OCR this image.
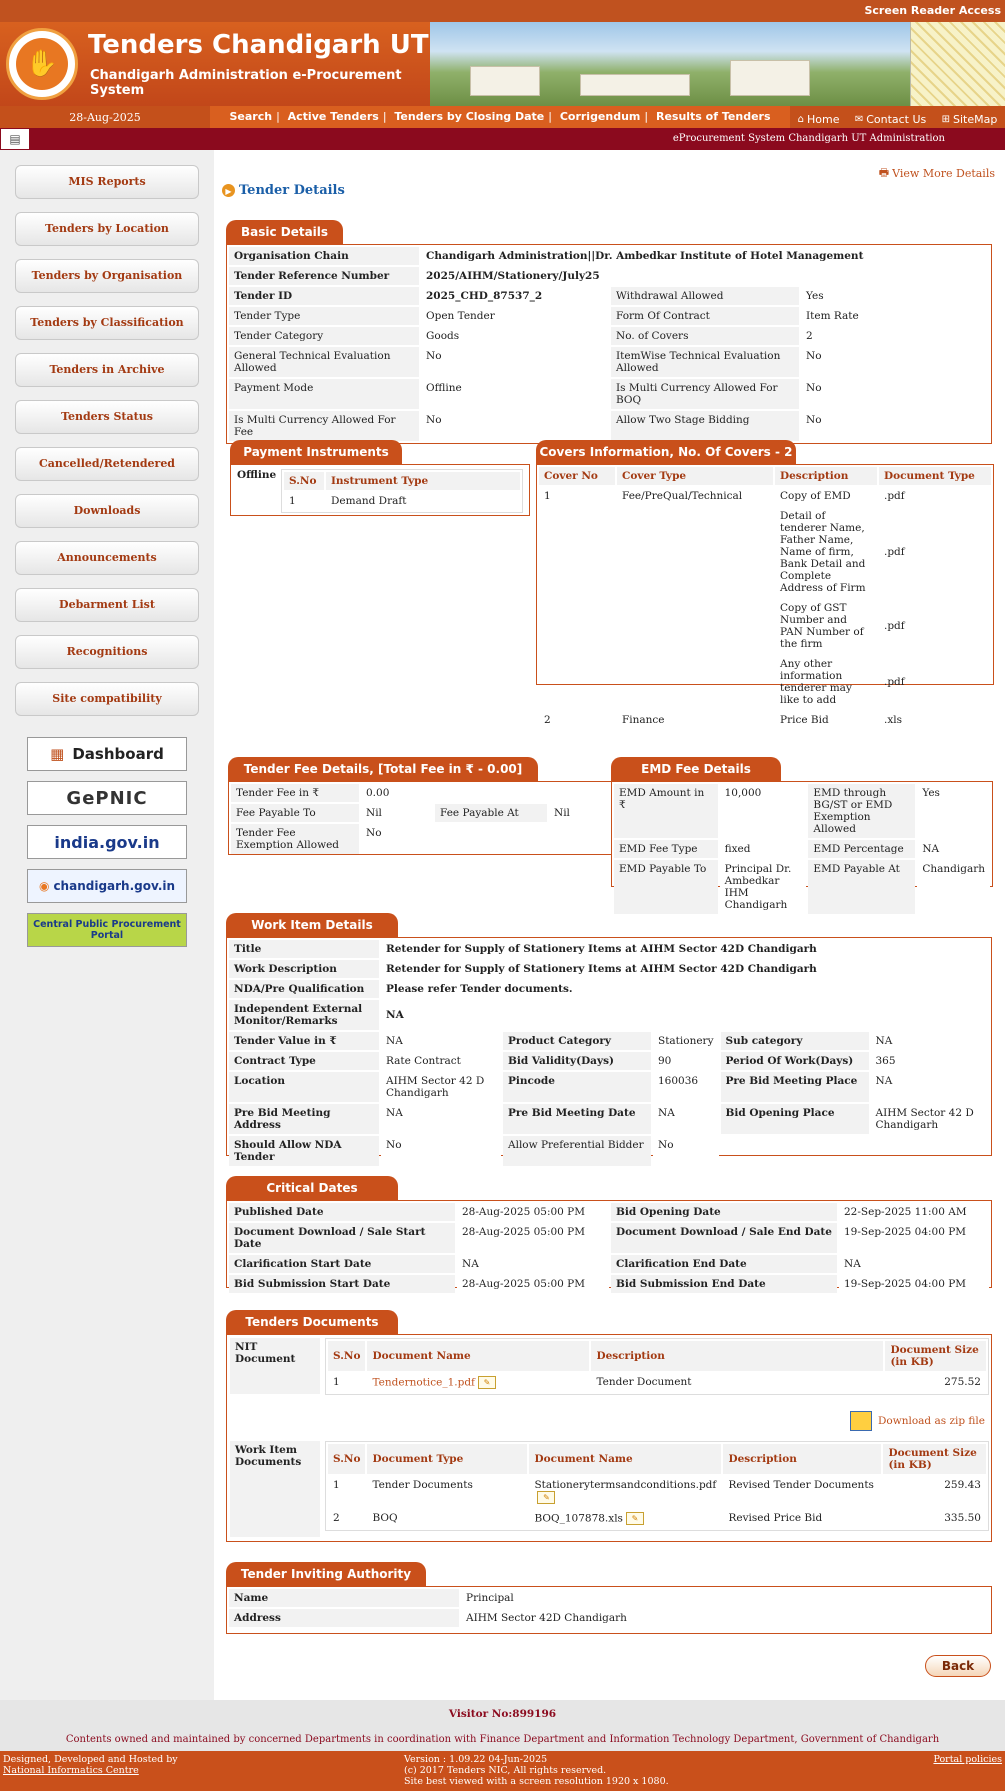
Screen Reader Access
✋
Tenders Chandigarh UT
Chandigarh Administration e-Procurement System
28-Aug-2025	Search | Active Tenders | Tenders by Closing Date | Corrigendum | Results of Tenders	⌂ Home ✉ Contact Us ⊞ SiteMap
▤	eProcurement System Chandigarh UT Administration
MIS Reports
Tenders by Location
Tenders by Organisation
Tenders by Classification
Tenders in Archive
Tenders Status
Cancelled/Retendered
Downloads
Announcements
Debarment List
Recognitions
Site compatibility
▦ Dashboard
GePNIC
india.gov.in
◉ chandigarh.gov.in
Central Public Procurement Portal
🖶 View More Details
▶ Tender Details
Basic Details
Organisation Chain	Chandigarh Administration||Dr. Ambedkar Institute of Hotel Management		
Tender Reference Number	2025/AIHM/Stationery/July25		
Tender ID	2025_CHD_87537_2	Withdrawal Allowed	Yes
Tender Type	Open Tender	Form Of Contract	Item Rate
Tender Category	Goods	No. of Covers	2
General Technical Evaluation Allowed	No	ItemWise Technical Evaluation Allowed	No
Payment Mode	Offline	Is Multi Currency Allowed For BOQ	No
Is Multi Currency Allowed For Fee	No	Allow Two Stage Bidding	No
Payment Instruments
Offline S.No	Instrument Type
1	Demand Draft
Covers Information, No. Of Covers - 2
Cover No	Cover Type	Description	Document Type
1	Fee/PreQual/Technical	Copy of EMD	.pdf
		Detail of tenderer Name, Father Name, Name of firm, Bank Detail and Complete Address of Firm	.pdf
		Copy of GST Number and PAN Number of the firm	.pdf
		Any other information tenderer may like to add	.pdf
2	Finance	Price Bid	.xls
Tender Fee Details, [Total Fee in ₹ - 0.00]
Tender Fee in ₹	0.00		
Fee Payable To	Nil	Fee Payable At	Nil
Tender Fee Exemption Allowed	No		
EMD Fee Details
EMD Amount in ₹	10,000	EMD through BG/ST or EMD Exemption Allowed	Yes
EMD Fee Type	fixed	EMD Percentage	NA
EMD Payable To	Principal Dr. Ambedkar IHM Chandigarh	EMD Payable At	Chandigarh
Work Item Details
Title	Retender for Supply of Stationery Items at AIHM Sector 42D Chandigarh				
Work Description	Retender for Supply of Stationery Items at AIHM Sector 42D Chandigarh				
NDA/Pre Qualification	Please refer Tender documents.				
Independent External Monitor/Remarks	NA				
Tender Value in ₹	NA	Product Category	Stationery	Sub category	NA
Contract Type	Rate Contract	Bid Validity(Days)	90	Period Of Work(Days)	365
Location	AIHM Sector 42 D Chandigarh	Pincode	160036	Pre Bid Meeting Place	NA
Pre Bid Meeting Address	NA	Pre Bid Meeting Date	NA	Bid Opening Place	AIHM Sector 42 D Chandigarh
Should Allow NDA Tender	No	Allow Preferential Bidder	No		
Critical Dates
Published Date	28-Aug-2025 05:00 PM	Bid Opening Date	22-Sep-2025 11:00 AM
Document Download / Sale Start Date	28-Aug-2025 05:00 PM	Document Download / Sale End Date	19-Sep-2025 04:00 PM
Clarification Start Date	NA	Clarification End Date	NA
Bid Submission Start Date	28-Aug-2025 05:00 PM	Bid Submission End Date	19-Sep-2025 04:00 PM
Tenders Documents
NIT Document	S.No	Document Name	Description	Document Size (in KB)
1	Tendernotice_1.pdf ✎	Tender Document	275.52
Download as zip file
Work Item Documents	S.No	Document Type	Document Name	Description	Document Size (in KB)
1	Tender Documents	Stationerytermsandconditions.pdf✎	Revised Tender Documents	259.43
2	BOQ	BOQ_107878.xls ✎	Revised Price Bid	335.50
Tender Inviting Authority
Name	Principal
Address	AIHM Sector 42D Chandigarh
Back
Visitor No:899196
Contents owned and maintained by concerned Departments in coordination with Finance Department and Information Technology Department, Government of Chandigarh
Designed, Developed and Hosted by
National Informatics Centre
Version : 1.09.22 04-Jun-2025
(c) 2017 Tenders NIC, All rights reserved.
Site best viewed with a screen resolution 1920 x 1080.
Portal policies
